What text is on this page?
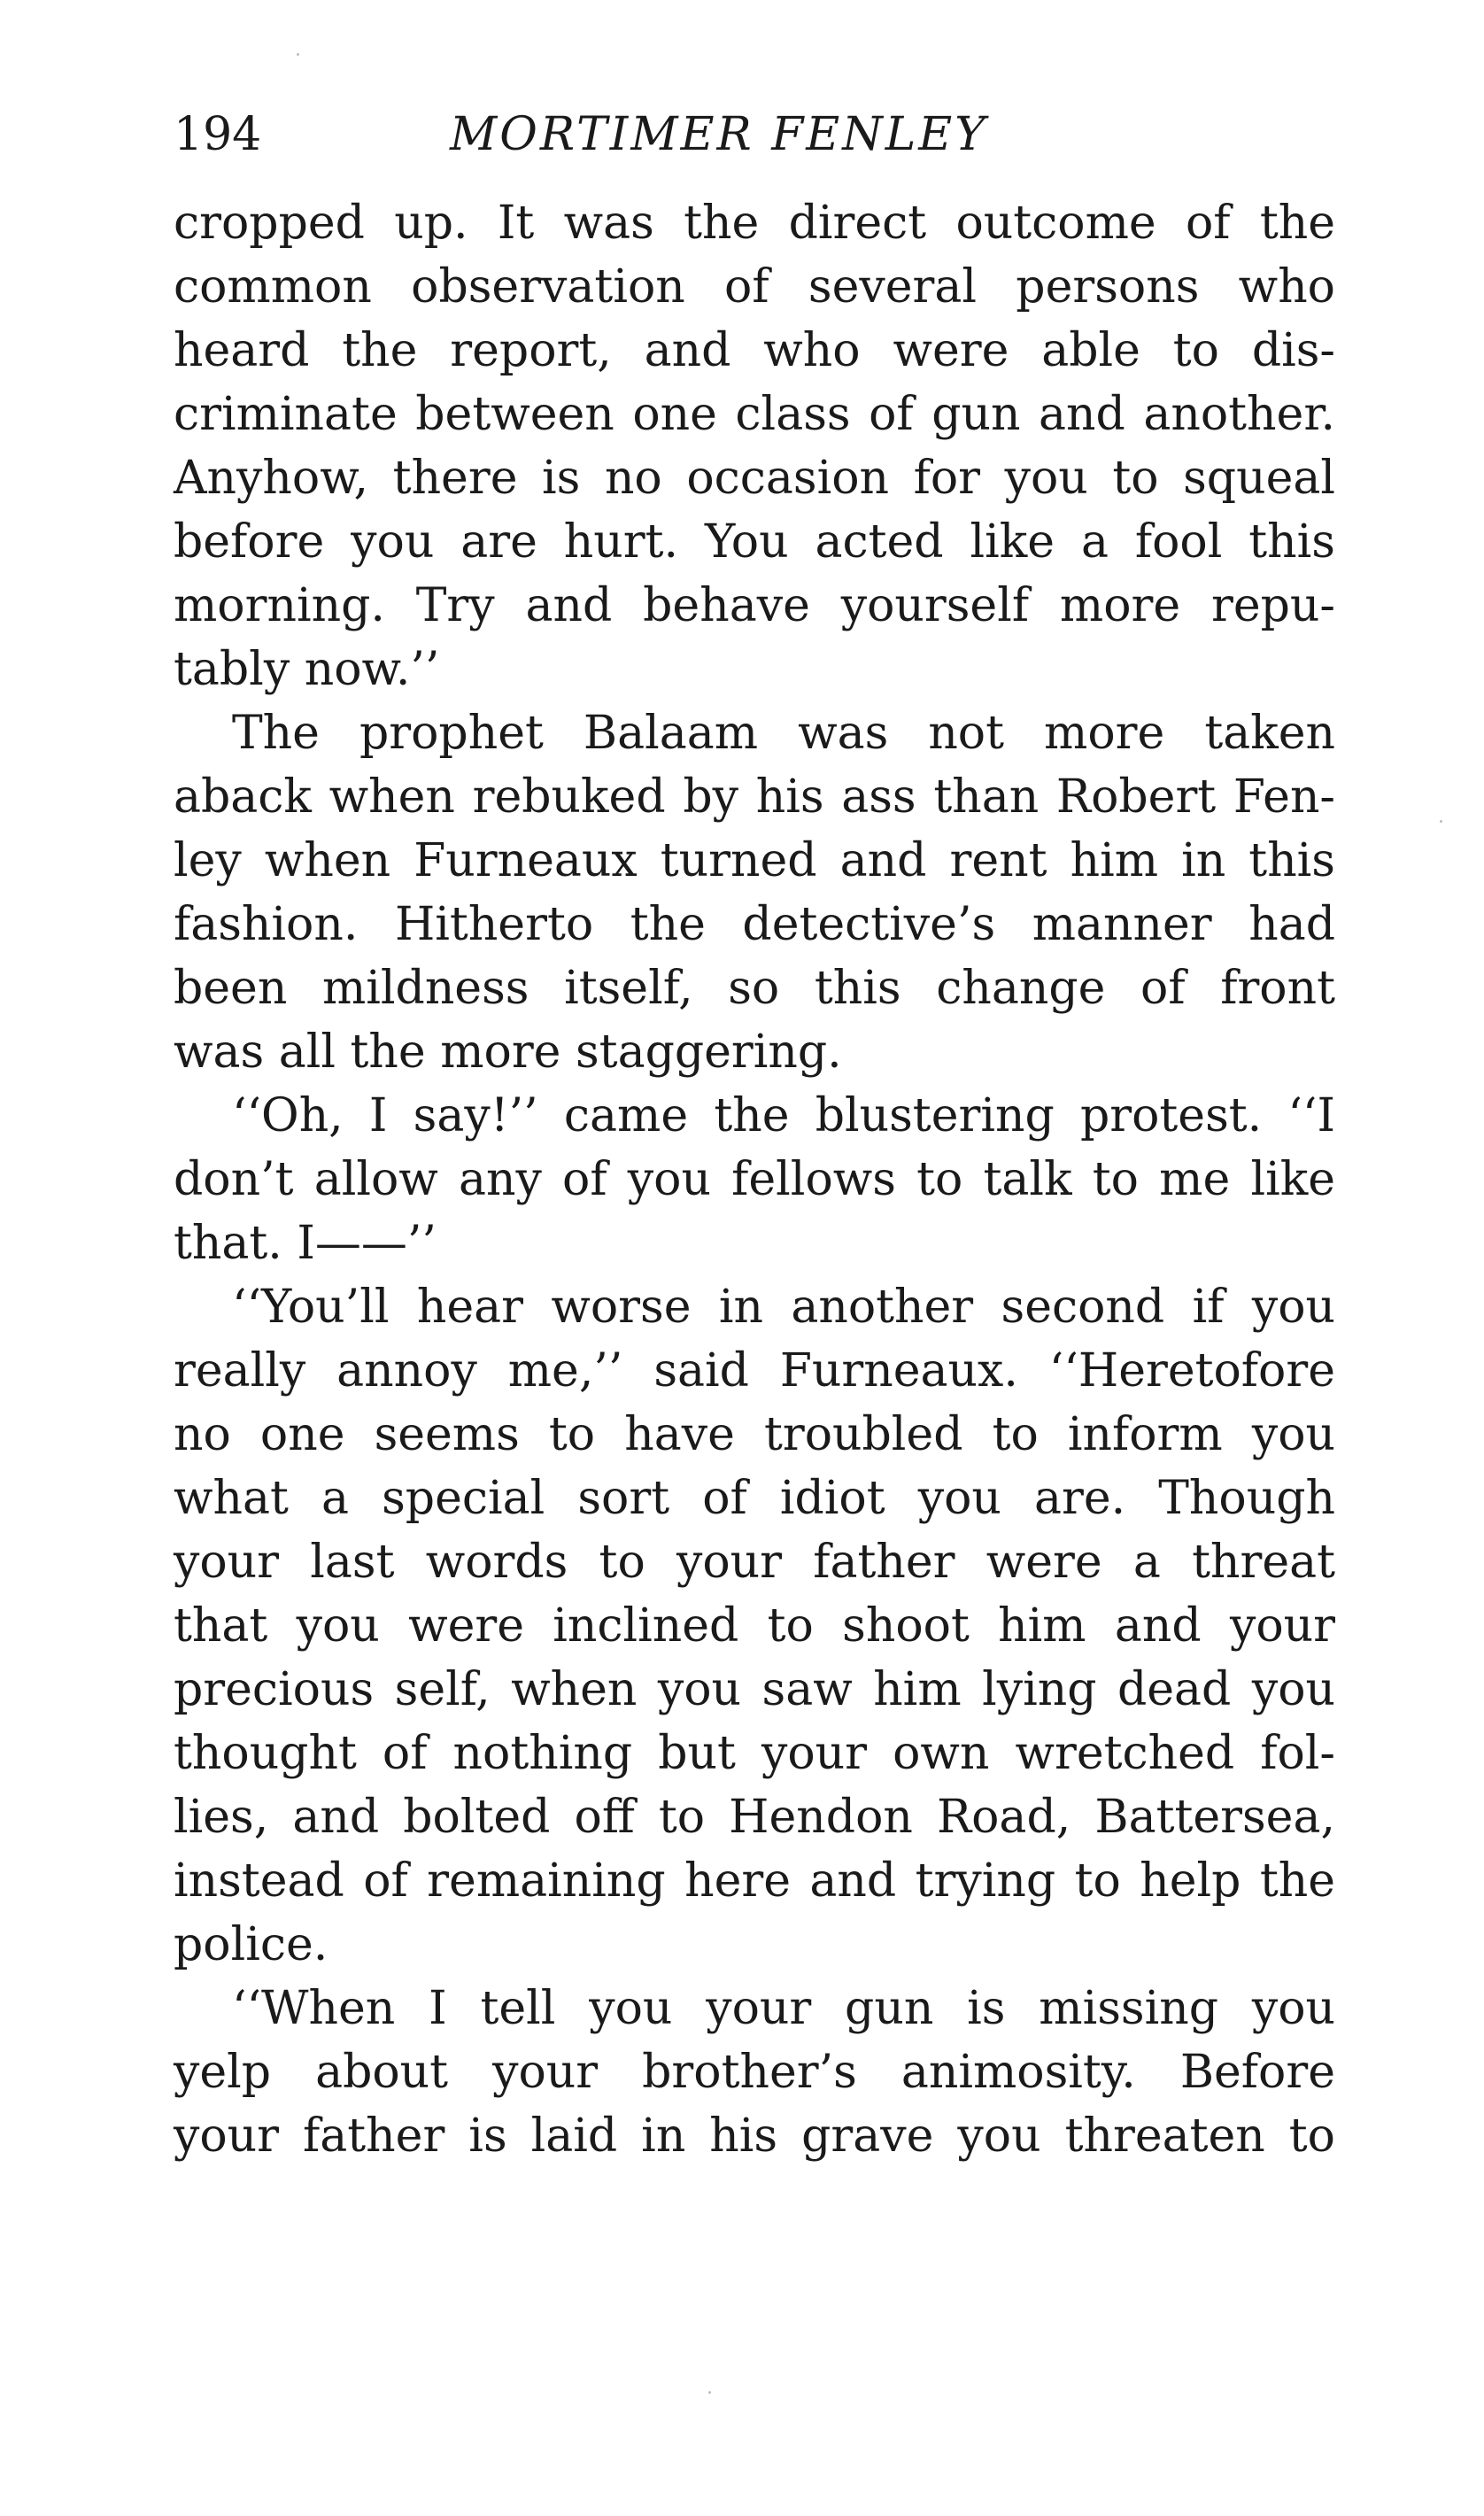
194	MORTIMER FENLEY
cropped up. It was the direct outcome of the
common observation of several persons who
heard the report, and who were able to dis-
criminate between one class of gun and another.
Anyhow, there is no occasion for you to squeal
before you are hurt. You acted like a fool this
morning. Try and behave yourself more repu-
tably now.’’
The prophet Balaam was not more taken
aback when rebuked by his ass than Robert Fen-
ley when Furneaux turned and rent him in this
fashion. Hitherto the detective’s manner had
been mildness itself, so this change of front
was all the more staggering.
‘‘Oh, I say!’’ came the blustering protest. ‘‘I
don’t allow any of you fellows to talk to me like
that. I——’’
‘‘You’ll hear worse in another second if you
really annoy me,’’ said Furneaux. ‘‘Heretofore
no one seems to have troubled to inform you
what a special sort of idiot you are. Though
your last words to your father were a threat
that you were inclined to shoot him and your
precious self, when you saw him lying dead you
thought of nothing but your own wretched fol-
lies, and bolted off to Hendon Road, Battersea,
instead of remaining here and trying to help the
police.
‘‘When I tell you your gun is missing you
yelp about your brother’s animosity. Before
your father is laid in his grave you threaten to
